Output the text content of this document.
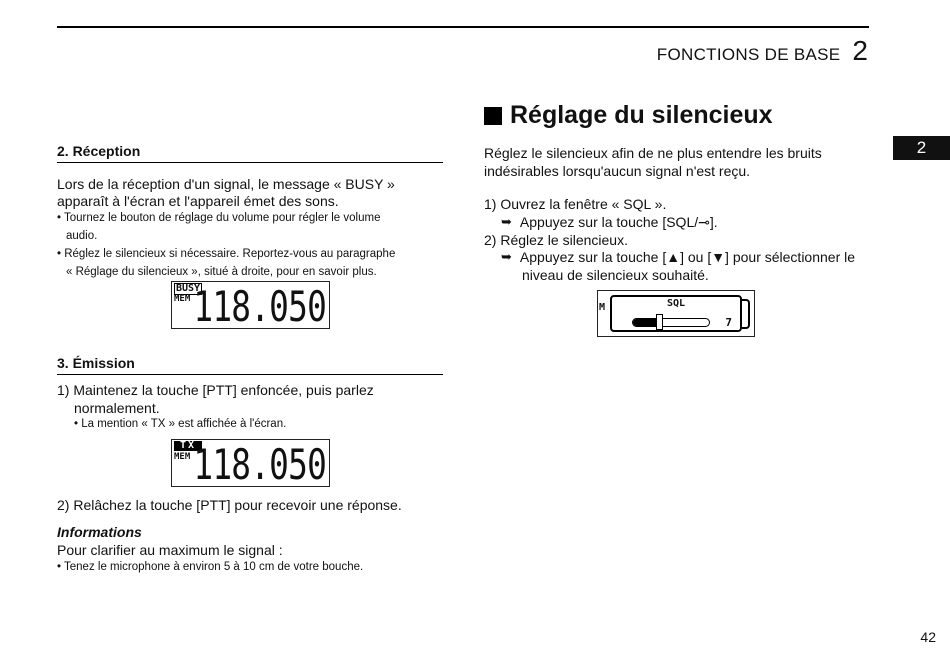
FONCTIONS DE BASE 2
2
2. Réception
Lors de la réception d'un signal, le message « BUSY »
apparaît à l'écran et l'appareil émet des sons.
• Tournez le bouton de réglage du volume pour régler le volume
audio.
• Réglez le silencieux si nécessaire. Reportez-vous au paragraphe
« Réglage du silencieux », situé à droite, pour en savoir plus.
BUSY
MEM 118.050
3. Émission
1) Maintenez la touche [PTT] enfoncée, puis parlez
normalement.
• La mention « TX » est affichée à l'écran.
TX
MEM 118.050
2) Relâchez la touche [PTT] pour recevoir une réponse.
Informations
Pour clarifier au maximum le signal :
• Tenez le microphone à environ 5 à 10 cm de votre bouche.
Réglage du silencieux
Réglez le silencieux afin de ne plus entendre les bruits
indésirables lorsqu'aucun signal n'est reçu.
1) Ouvrez la fenêtre « SQL ».
➥ Appuyez sur la touche [SQL/⊸].
2) Réglez le silencieux.
➥ Appuyez sur la touche [▲] ou [▼] pour sélectionner le
niveau de silencieux souhaité.
M	SQL
7
42
